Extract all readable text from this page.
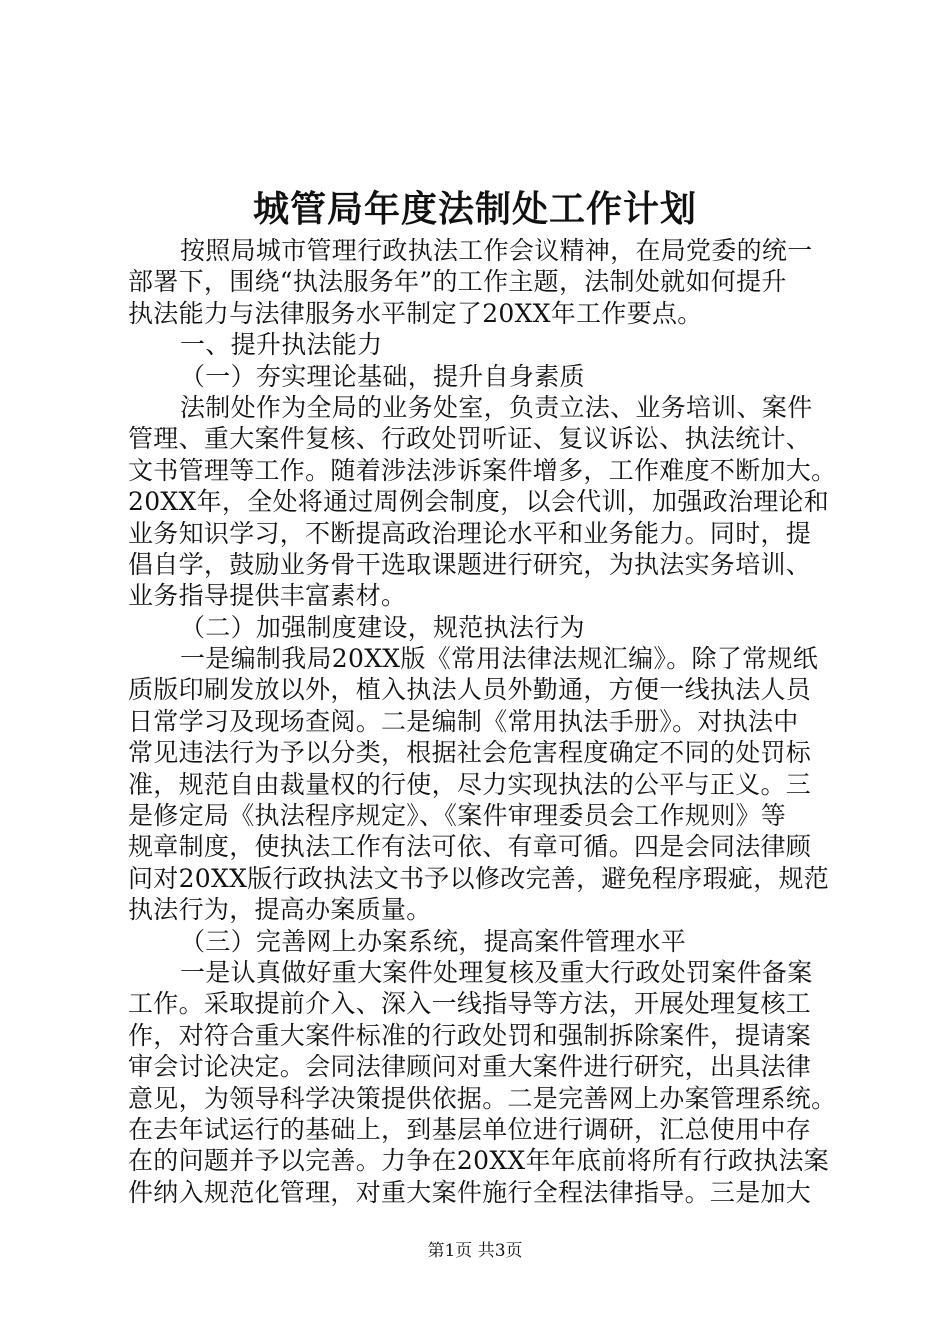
城管局年度法制处工作计划
按照局城市管理行政执法工作会议精神，在局党委的统一
部署下，围绕“执法服务年”的工作主题，法制处就如何提升
执法能力与法律服务水平制定了20XX年工作要点。
一、提升执法能力
（一）夯实理论基础，提升自身素质
法制处作为全局的业务处室，负责立法、业务培训、案件
管理、重大案件复核、行政处罚听证、复议诉讼、执法统计、
文书管理等工作。随着涉法涉诉案件增多，工作难度不断加大。
20XX年，全处将通过周例会制度，以会代训，加强政治理论和
业务知识学习，不断提高政治理论水平和业务能力。同时，提
倡自学，鼓励业务骨干选取课题进行研究，为执法实务培训、
业务指导提供丰富素材。
（二）加强制度建设，规范执法行为
一是编制我局20XX版《常用法律法规汇编》。除了常规纸
质版印刷发放以外，植入执法人员外勤通，方便一线执法人员
日常学习及现场查阅。二是编制《常用执法手册》。对执法中
常见违法行为予以分类，根据社会危害程度确定不同的处罚标
准，规范自由裁量权的行使，尽力实现执法的公平与正义。三
是修定局《执法程序规定》、《案件审理委员会工作规则》等
规章制度，使执法工作有法可依、有章可循。四是会同法律顾
问对20XX版行政执法文书予以修改完善，避免程序瑕疵，规范
执法行为，提高办案质量。
（三）完善网上办案系统，提高案件管理水平
一是认真做好重大案件处理复核及重大行政处罚案件备案
工作。采取提前介入、深入一线指导等方法，开展处理复核工
作，对符合重大案件标准的行政处罚和强制拆除案件，提请案
审会讨论决定。会同法律顾问对重大案件进行研究，出具法律
意见，为领导科学决策提供依据。二是完善网上办案管理系统。
在去年试运行的基础上，到基层单位进行调研，汇总使用中存
在的问题并予以完善。力争在20XX年年底前将所有行政执法案
件纳入规范化管理，对重大案件施行全程法律指导。三是加大
第1页 共3页
